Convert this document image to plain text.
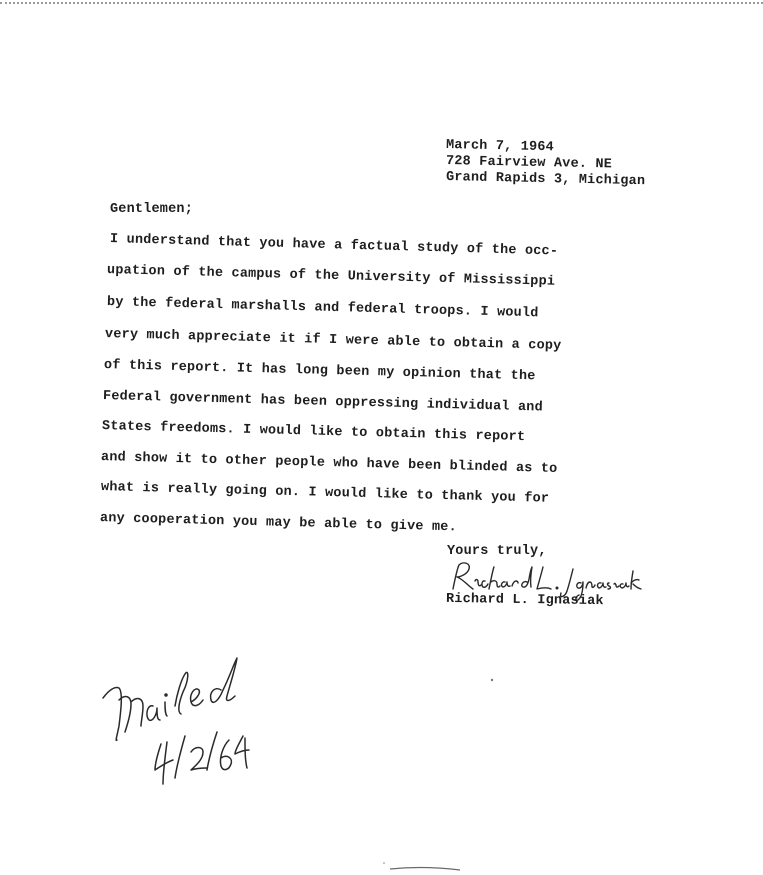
March 7, 1964
728 Fairview Ave. NE
Grand Rapids 3, Michigan
Gentlemen;
I understand that you have a factual study of the occ-
upation of the campus of the University of Mississippi
by the federal marshalls and federal troops. I would
very much appreciate it if I were able to obtain a copy
of this report. It has long been my opinion that the
Federal government has been oppressing individual and
States freedoms. I would like to obtain this report
and show it to other people who have been blinded as to
what is really going on. I would like to thank you for
any cooperation you may be able to give me.
Yours truly,
Richard L. Ignasiak
